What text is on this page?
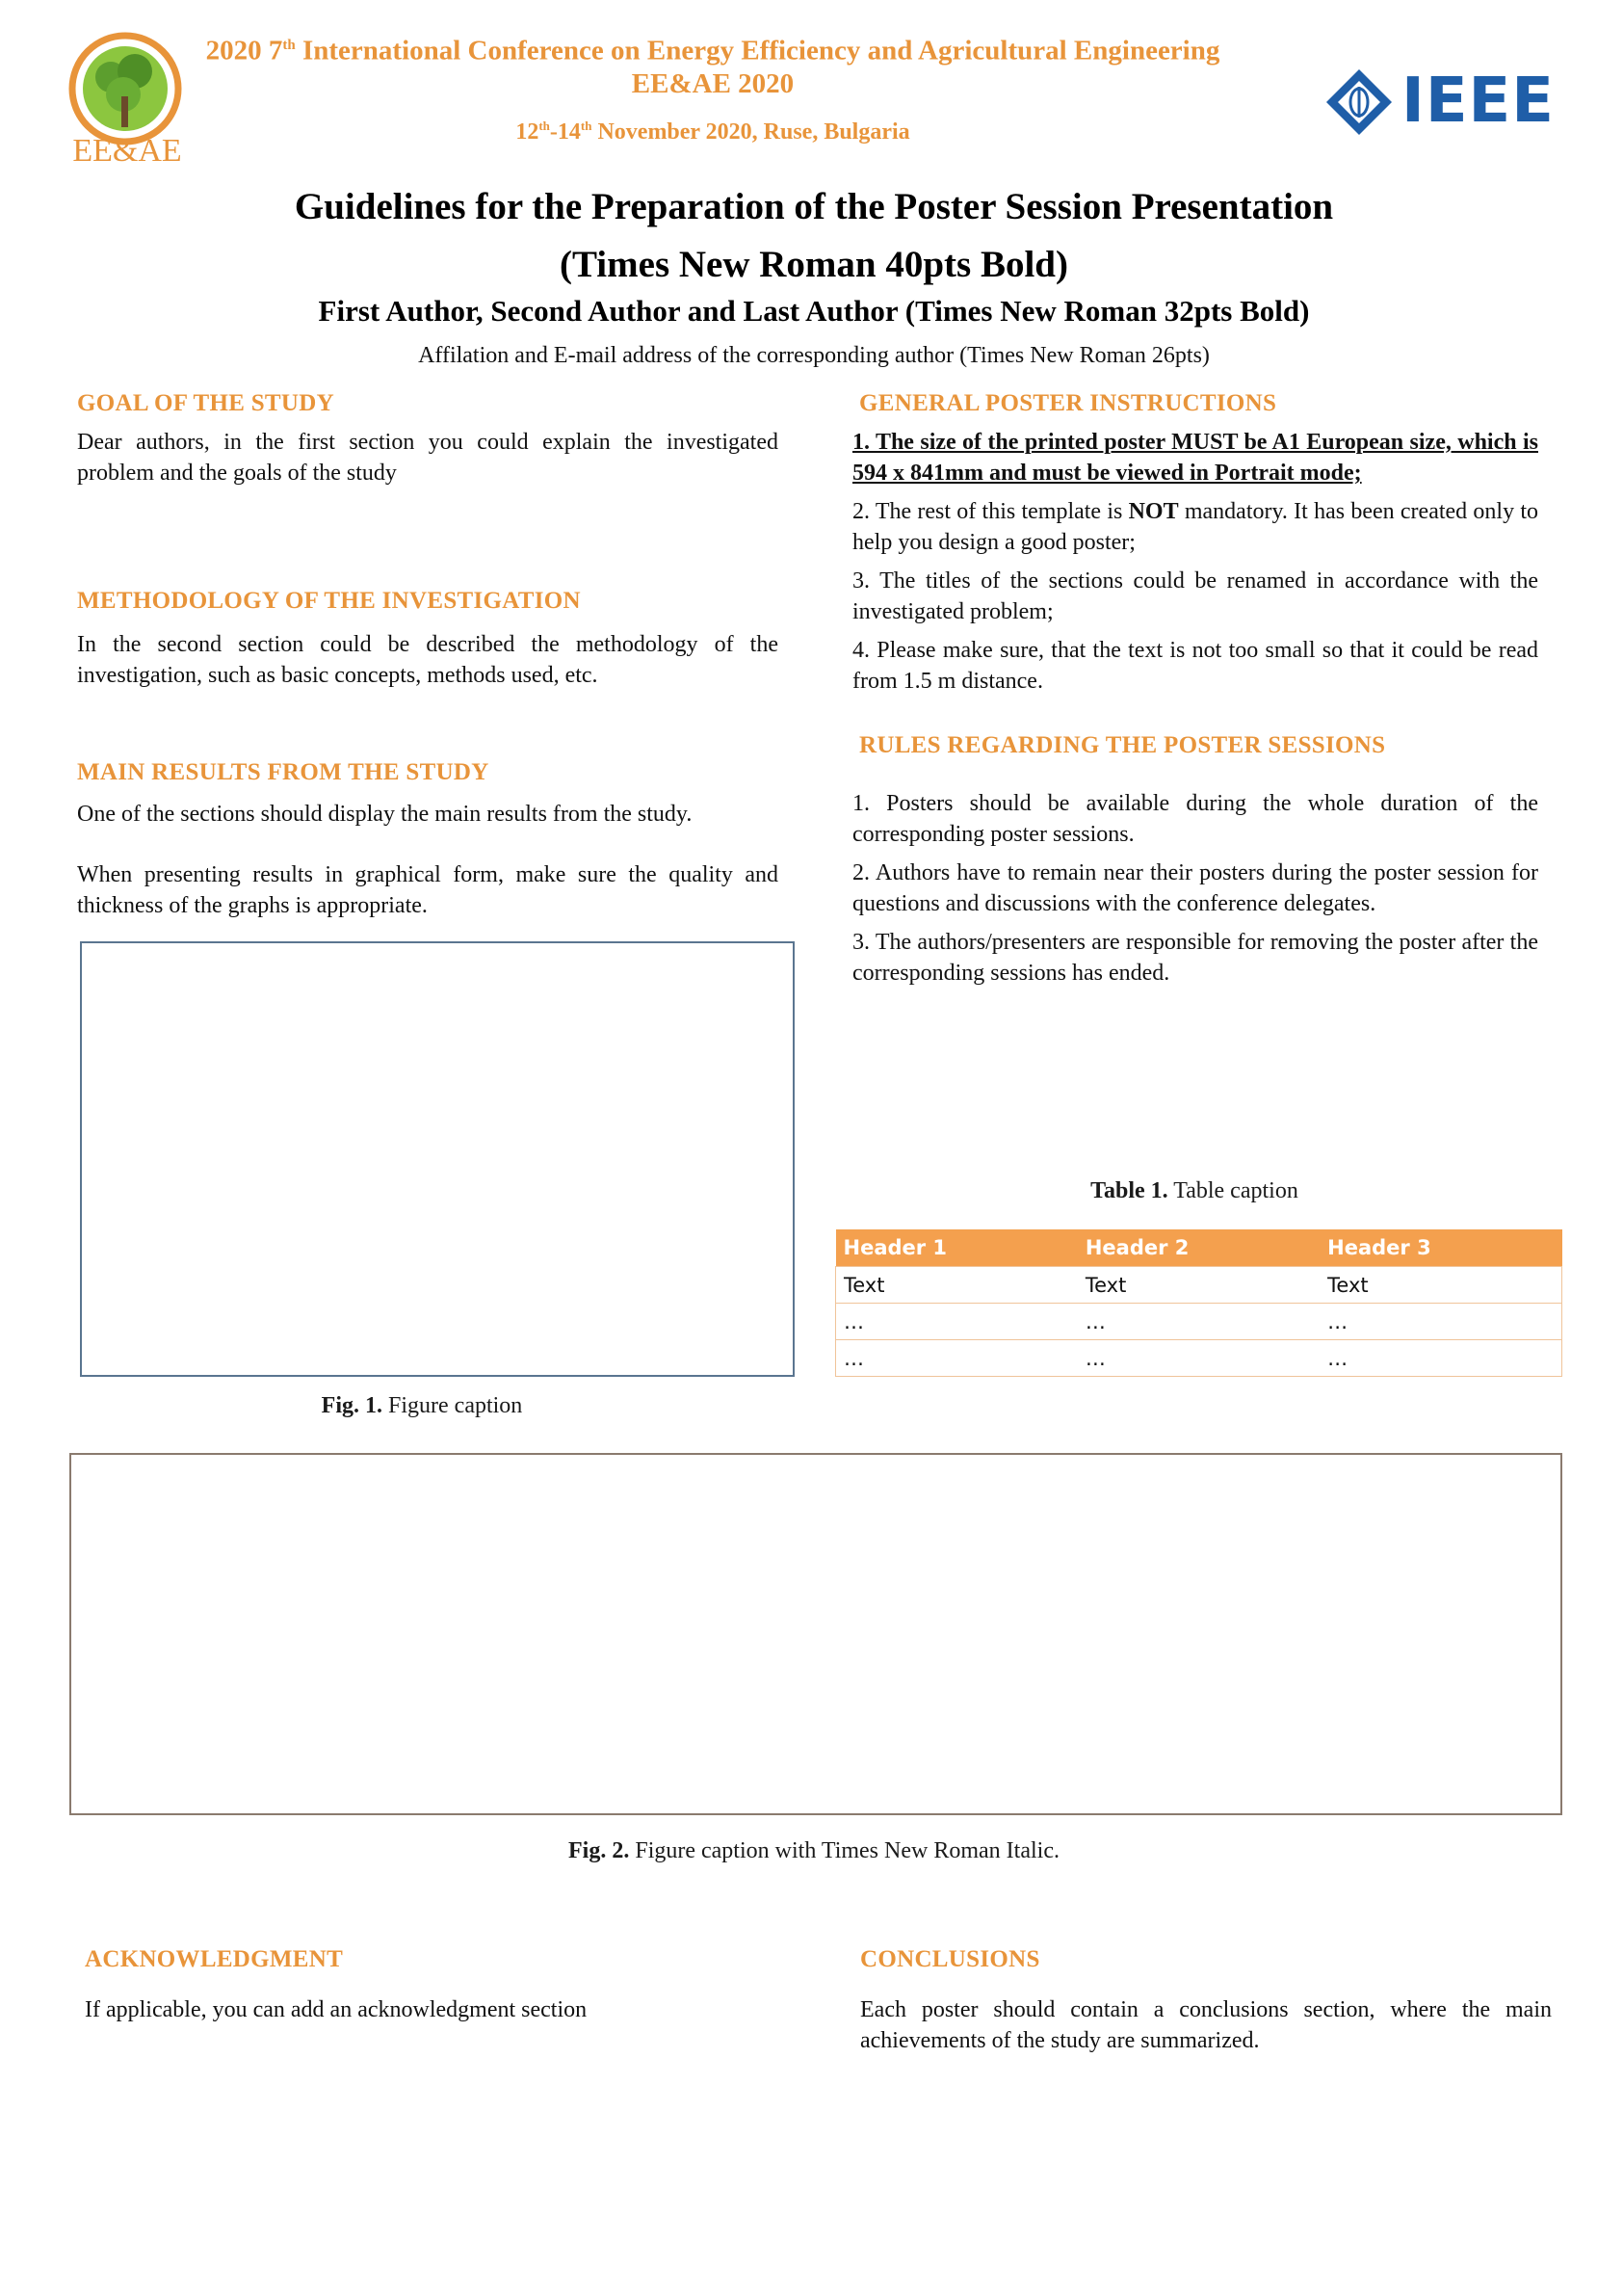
EE&AE
2020 7th International Conference on Energy Efficiency and Agricultural Engineering
EE&AE 2020
12th-14th November 2020, Ruse, Bulgaria	IEEE
Guidelines for the Preparation of the Poster Session Presentation
(Times New Roman 40pts Bold)
First Author, Second Author and Last Author (Times New Roman 32pts Bold)
Affilation and E-mail address of the corresponding author (Times New Roman 26pts)
GOAL OF THE STUDY
Dear authors, in the first section you could explain the investigated problem and the goals of the study
METHODOLOGY OF THE INVESTIGATION
In the second section could be described the methodology of the investigation, such as basic concepts, methods used, etc.
MAIN RESULTS FROM THE STUDY
One of the sections should display the main results from the study.
When presenting results in graphical form, make sure the quality and thickness of the graphs is appropriate.
Fig. 1. Figure caption
GENERAL POSTER INSTRUCTIONS

1. The size of the printed poster MUST be A1 European size, which is 594 x 841mm and must be viewed in Portrait mode;

2. The rest of this template is NOT mandatory. It has been created only to help you design a good poster;

3. The titles of the sections could be renamed in accordance with the investigated problem;

4. Please make sure, that the text is not too small so that it could be read from 1.5 m distance.

RULES REGARDING THE POSTER SESSIONS

1. Posters should be available during the whole duration of the corresponding poster sessions.

2. Authors have to remain near their posters during the poster session for questions and discussions with the conference delegates.

3. The authors/presenters are responsible for removing the poster after the corresponding sessions has ended.

Table 1. Table caption
Header 1	Header 2	Header 3
Text	Text	Text
…	…	…
…	…	…
Fig. 2. Figure caption with Times New Roman Italic.
ACKNOWLEDGMENT
If applicable, you can add an acknowledgment section
CONCLUSIONS
Each poster should contain a conclusions section, where the main achievements of the study are summarized.
